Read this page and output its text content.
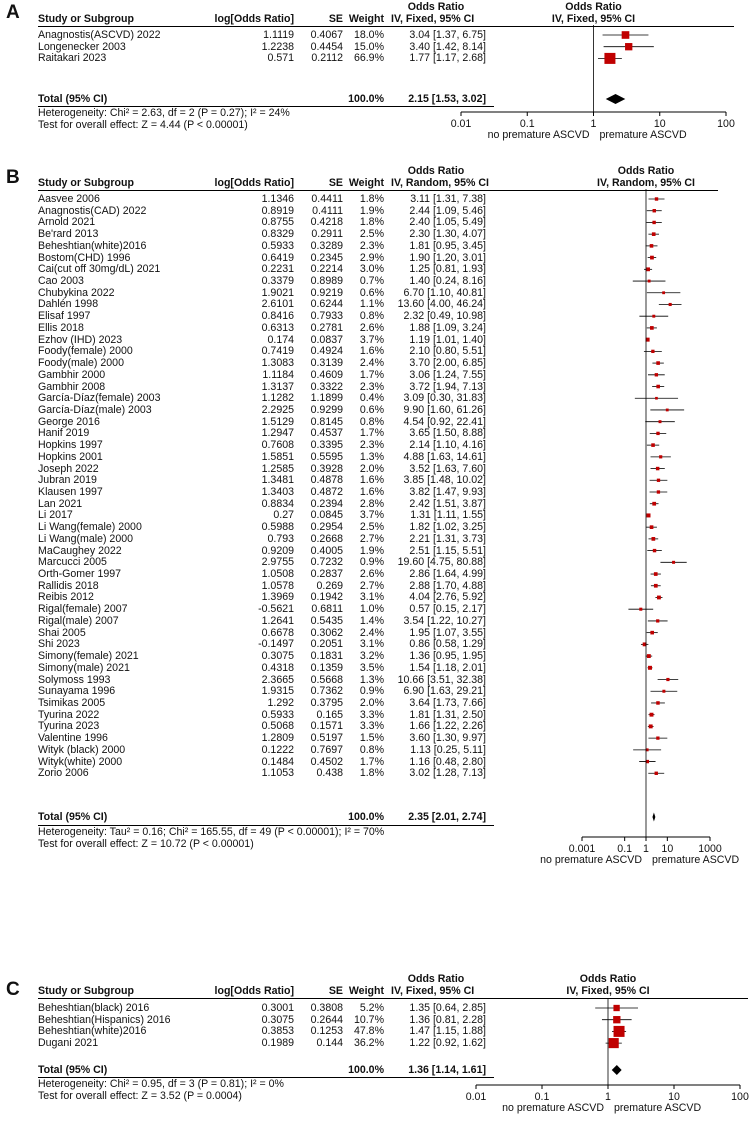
A	Odds Ratio	Odds Ratio
Study or Subgroup	log[Odds Ratio]	SE Weight IV, Fixed, 95% CI	IV, Fixed, 95% CI
0.01	0.1	1	10	100
no premature ASCVD premature ASCVD
Anagnostis(ASCVD) 2022	1.1119	0.4067	18.0%	3.04 [1.37, 6.75]
Longenecker 2003	1.2238	0.4454	15.0%	3.40 [1.42, 8.14]
Raitakari 2023	0.571	0.2112	66.9%	1.77 [1.17, 2.68]
Total (95% CI)	100.0%	2.15 [1.53, 3.02]
Heterogeneity: Chi² = 2.63, df = 2 (P = 0.27); I² = 24%
Test for overall effect: Z = 4.44 (P < 0.00001)
B	Odds Ratio	Odds Ratio
Study or Subgroup	log[Odds Ratio]	SE Weight IV, Random, 95% CI	IV, Random, 95% CI
0.001 0.1 1 10 1000
no premature ASCVD premature ASCVD
Aasvee 2006	1.1346	0.4411	1.8%	3.11 [1.31, 7.38]
Anagnostis(CAD) 2022	0.8919	0.4111	1.9%	2.44 [1.09, 5.46]
Arnold 2021	0.8755	0.4218	1.8%	2.40 [1.05, 5.49]
Be'rard 2013	0.8329	0.2911	2.5%	2.30 [1.30, 4.07]
Beheshtian(white)2016	0.5933	0.3289	2.3%	1.81 [0.95, 3.45]
Bostom(CHD) 1996	0.6419	0.2345	2.9%	1.90 [1.20, 3.01]
Cai(cut off 30mg/dL) 2021	0.2231	0.2214	3.0%	1.25 [0.81, 1.93]
Cao 2003	0.3379	0.8989	0.7%	1.40 [0.24, 8.16]
Chubykina 2022	1.9021	0.9219	0.6%	6.70 [1.10, 40.81]
Dahlén 1998	2.6101	0.6244	1.1%	13.60 [4.00, 46.24]
Elisaf 1997	0.8416	0.7933	0.8%	2.32 [0.49, 10.98]
Ellis 2018	0.6313	0.2781	2.6%	1.88 [1.09, 3.24]
Ezhov (IHD) 2023	0.174	0.0837	3.7%	1.19 [1.01, 1.40]
Foody(female) 2000	0.7419	0.4924	1.6%	2.10 [0.80, 5.51]
Foody(male) 2000	1.3083	0.3139	2.4%	3.70 [2.00, 6.85]
Gambhir 2000	1.1184	0.4609	1.7%	3.06 [1.24, 7.55]
Gambhir 2008	1.3137	0.3322	2.3%	3.72 [1.94, 7.13]
García-Díaz(female) 2003	1.1282	1.1899	0.4%	3.09 [0.30, 31.83]
García-Díaz(male) 2003	2.2925	0.9299	0.6%	9.90 [1.60, 61.26]
George 2016	1.5129	0.8145	0.8%	4.54 [0.92, 22.41]
Hanif 2019	1.2947	0.4537	1.7%	3.65 [1.50, 8.88]
Hopkins 1997	0.7608	0.3395	2.3%	2.14 [1.10, 4.16]
Hopkins 2001	1.5851	0.5595	1.3%	4.88 [1.63, 14.61]
Joseph 2022	1.2585	0.3928	2.0%	3.52 [1.63, 7.60]
Jubran 2019	1.3481	0.4878	1.6%	3.85 [1.48, 10.02]
Klausen 1997	1.3403	0.4872	1.6%	3.82 [1.47, 9.93]
Lan 2021	0.8834	0.2394	2.8%	2.42 [1.51, 3.87]
Li 2017	0.27	0.0845	3.7%	1.31 [1.11, 1.55]
Li Wang(female) 2000	0.5988	0.2954	2.5%	1.82 [1.02, 3.25]
Li Wang(male) 2000	0.793	0.2668	2.7%	2.21 [1.31, 3.73]
MaCaughey 2022	0.9209	0.4005	1.9%	2.51 [1.15, 5.51]
Marcucci 2005	2.9755	0.7232	0.9%	19.60 [4.75, 80.88]
Orth-Gomer 1997	1.0508	0.2837	2.6%	2.86 [1.64, 4.99]
Rallidis 2018	1.0578	0.269	2.7%	2.88 [1.70, 4.88]
Reibis 2012	1.3969	0.1942	3.1%	4.04 [2.76, 5.92]
Rigal(female) 2007	-0.5621	0.6811	1.0%	0.57 [0.15, 2.17]
Rigal(male) 2007	1.2641	0.5435	1.4%	3.54 [1.22, 10.27]
Shai 2005	0.6678	0.3062	2.4%	1.95 [1.07, 3.55]
Shi 2023	-0.1497	0.2051	3.1%	0.86 [0.58, 1.29]
Simony(female) 2021	0.3075	0.1831	3.2%	1.36 [0.95, 1.95]
Simony(male) 2021	0.4318	0.1359	3.5%	1.54 [1.18, 2.01]
Solymoss 1993	2.3665	0.5668	1.3%	10.66 [3.51, 32.38]
Sunayama 1996	1.9315	0.7362	0.9%	6.90 [1.63, 29.21]
Tsimikas 2005	1.292	0.3795	2.0%	3.64 [1.73, 7.66]
Tyurina 2022	0.5933	0.165	3.3%	1.81 [1.31, 2.50]
Tyurina 2023	0.5068	0.1571	3.3%	1.66 [1.22, 2.26]
Valentine 1996	1.2809	0.5197	1.5%	3.60 [1.30, 9.97]
Wityk (black) 2000	0.1222	0.7697	0.8%	1.13 [0.25, 5.11]
Wityk(white) 2000	0.1484	0.4502	1.7%	1.16 [0.48, 2.80]
Zorio 2006	1.1053	0.438	1.8%	3.02 [1.28, 7.13]
Total (95% CI)	100.0%	2.35 [2.01, 2.74]
Heterogeneity: Tau² = 0.16; Chi² = 165.55, df = 49 (P < 0.00001); I² = 70%
Test for overall effect: Z = 10.72 (P < 0.00001)
C	Odds Ratio	Odds Ratio
Study or Subgroup	log[Odds Ratio]	SE Weight IV, Fixed, 95% CI	IV, Fixed, 95% CI
0.01	0.1	1	10	100
no premature ASCVD premature ASCVD
Beheshtian(black) 2016	0.3001	0.3808	5.2%	1.35 [0.64, 2.85]
Beheshtian(Hispanics) 2016	0.3075	0.2644	10.7%	1.36 [0.81, 2.28]
Beheshtian(white)2016	0.3853	0.1253	47.8%	1.47 [1.15, 1.88]
Dugani 2021	0.1989	0.144	36.2%	1.22 [0.92, 1.62]
Total (95% CI)	100.0%	1.36 [1.14, 1.61]
Heterogeneity: Chi² = 0.95, df = 3 (P = 0.81); I² = 0%
Test for overall effect: Z = 3.52 (P = 0.0004)
